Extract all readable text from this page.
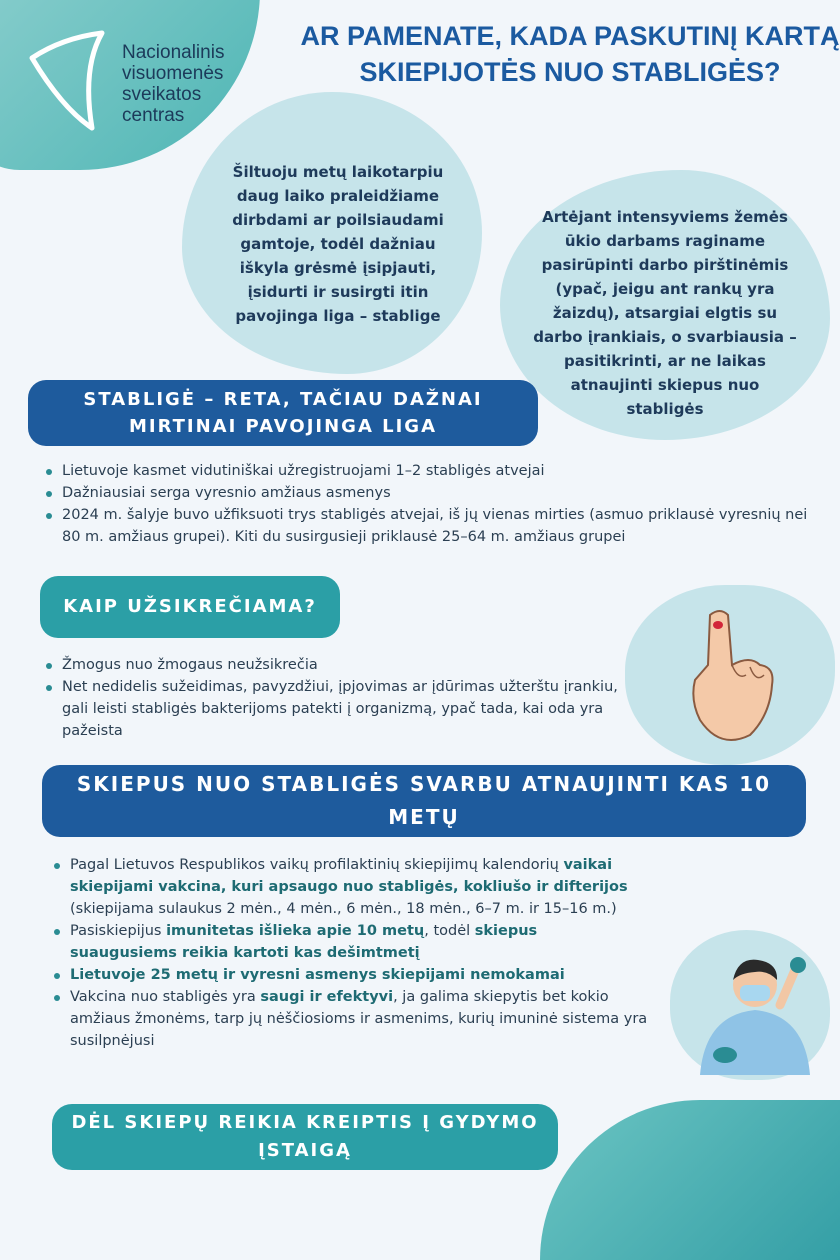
Nacionalinis
visuomenės
sveikatos
centras
AR PAMENATE, KADA PASKUTINĮ KARTĄ SKIEPIJOTĖS NUO STABLIGĖS?
Šiltuoju metų laikotarpiu daug laiko praleidžiame dirbdami ar poilsiaudami gamtoje, todėl dažniau iškyla grėsmė įsipjauti, įsidurti ir susirgti itin pavojinga liga – stablige
Artėjant intensyviems žemės ūkio darbams raginame pasirūpinti darbo pirštinėmis (ypač, jeigu ant rankų yra žaizdų), atsargiai elgtis su darbo įrankiais, o svarbiausia – pasitikrinti, ar ne laikas atnaujinti skiepus nuo stabligės
STABLIGĖ – RETA, TAČIAU DAŽNAI MIRTINAI PAVOJINGA LIGA
Lietuvoje kasmet vidutiniškai užregistruojami 1–2 stabligės atvejai
Dažniausiai serga vyresnio amžiaus asmenys
2024 m. šalyje buvo užfiksuoti trys stabligės atvejai, iš jų vienas mirties (asmuo priklausė vyresnių nei 80 m. amžiaus grupei). Kiti du susirgusieji priklausė 25–64 m. amžiaus grupei
KAIP UŽSIKREČIAMA?
Žmogus nuo žmogaus neužsikrečia
Net nedidelis sužeidimas, pavyzdžiui, įpjovimas ar įdūrimas užterštu įrankiu, gali leisti stabligės bakterijoms patekti į organizmą, ypač tada, kai oda yra pažeista
SKIEPUS NUO STABLIGĖS SVARBU ATNAUJINTI KAS 10 METŲ
Pagal Lietuvos Respublikos vaikų profilaktinių skiepijimų kalendorių vaikai skiepijami vakcina, kuri apsaugo nuo stabligės, kokliušo ir difterijos (skiepijama sulaukus 2 mėn., 4 mėn., 6 mėn., 18 mėn., 6–7 m. ir 15–16 m.)
Pasiskiepijus imunitetas išlieka apie 10 metų, todėl skiepus suaugusiems reikia kartoti kas dešimtmetį
Lietuvoje 25 metų ir vyresni asmenys skiepijami nemokamai
Vakcina nuo stabligės yra saugi ir efektyvi, ja galima skiepytis bet kokio amžiaus žmonėms, tarp jų nėščiosioms ir asmenims, kurių imuninė sistema yra susilpnėjusi
DĖL SKIEPŲ REIKIA KREIPTIS Į GYDYMO ĮSTAIGĄ
